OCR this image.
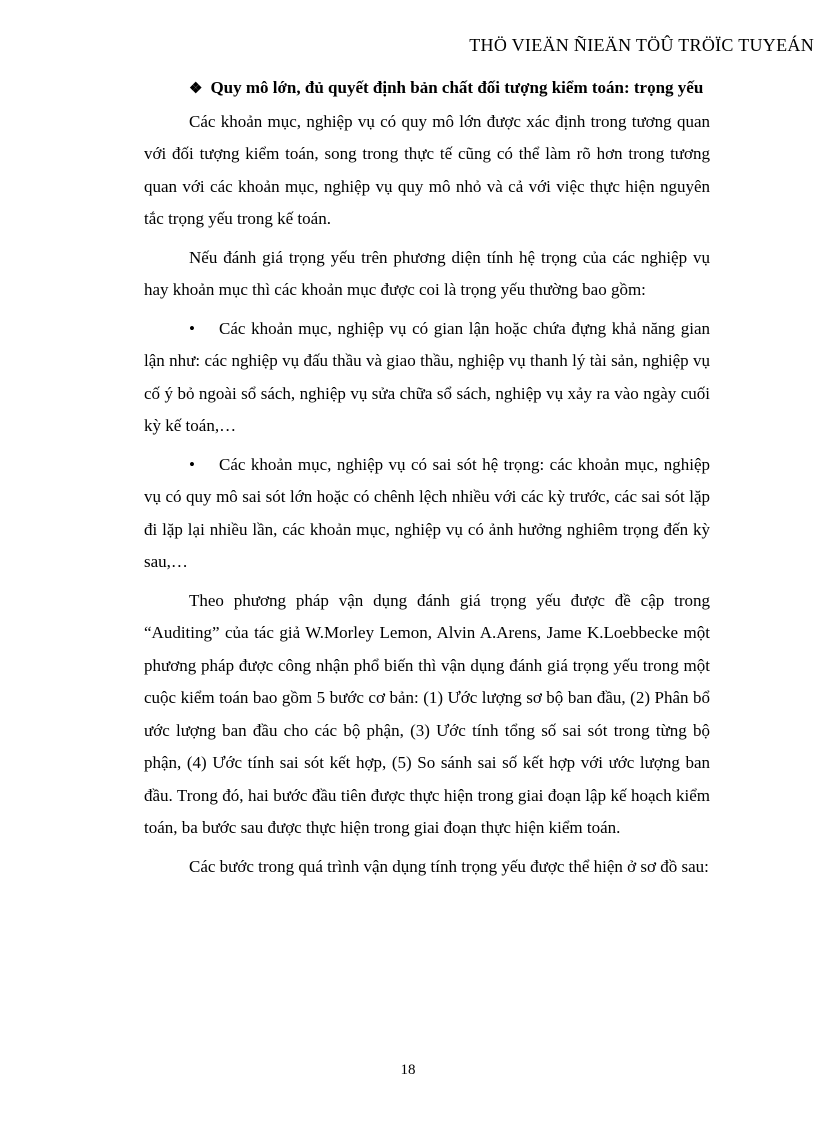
THÖ VIEÄN ÑIEÄN TÖÛ TRÖÏC TUYEÁN

❖ Quy mô lớn, đủ quyết định bản chất đối tượng kiểm toán: trọng yếu

Các khoản mục, nghiệp vụ có quy mô lớn được xác định trong tương quan với đối tượng kiểm toán, song trong thực tế cũng có thể làm rõ hơn trong tương quan với các khoản mục, nghiệp vụ quy mô nhỏ và cả với việc thực hiện nguyên tắc trọng yếu trong kế toán.

Nếu đánh giá trọng yếu trên phương diện tính hệ trọng của các nghiệp vụ hay khoản mục thì các khoản mục được coi là trọng yếu thường bao gồm:

• Các khoản mục, nghiệp vụ có gian lận hoặc chứa đựng khả năng gian lận như: các nghiệp vụ đấu thầu và giao thầu, nghiệp vụ thanh lý tài sản, nghiệp vụ cố ý bỏ ngoài sổ sách, nghiệp vụ sửa chữa sổ sách, nghiệp vụ xảy ra vào ngày cuối kỳ kế toán,…

• Các khoản mục, nghiệp vụ có sai sót hệ trọng: các khoản mục, nghiệp vụ có quy mô sai sót lớn hoặc có chênh lệch nhiều với các kỳ trước, các sai sót lặp đi lặp lại nhiều lần, các khoản mục, nghiệp vụ có ảnh hưởng nghiêm trọng đến kỳ sau,…

Theo phương pháp vận dụng đánh giá trọng yếu được đề cập trong “Auditing” của tác giả W.Morley Lemon, Alvin A.Arens, Jame K.Loebbecke một phương pháp được công nhận phổ biến thì vận dụng đánh giá trọng yếu trong một cuộc kiểm toán bao gồm 5 bước cơ bản: (1) Ước lượng sơ bộ ban đầu, (2) Phân bổ ước lượng ban đầu cho các bộ phận, (3) Ước tính tổng số sai sót trong từng bộ phận, (4) Ước tính sai sót kết hợp, (5) So sánh sai số kết hợp với ước lượng ban đầu. Trong đó, hai bước đầu tiên được thực hiện trong giai đoạn lập kế hoạch kiểm toán, ba bước sau được thực hiện trong giai đoạn thực hiện kiểm toán.

Các bước trong quá trình vận dụng tính trọng yếu được thể hiện ở sơ đồ sau:

18
